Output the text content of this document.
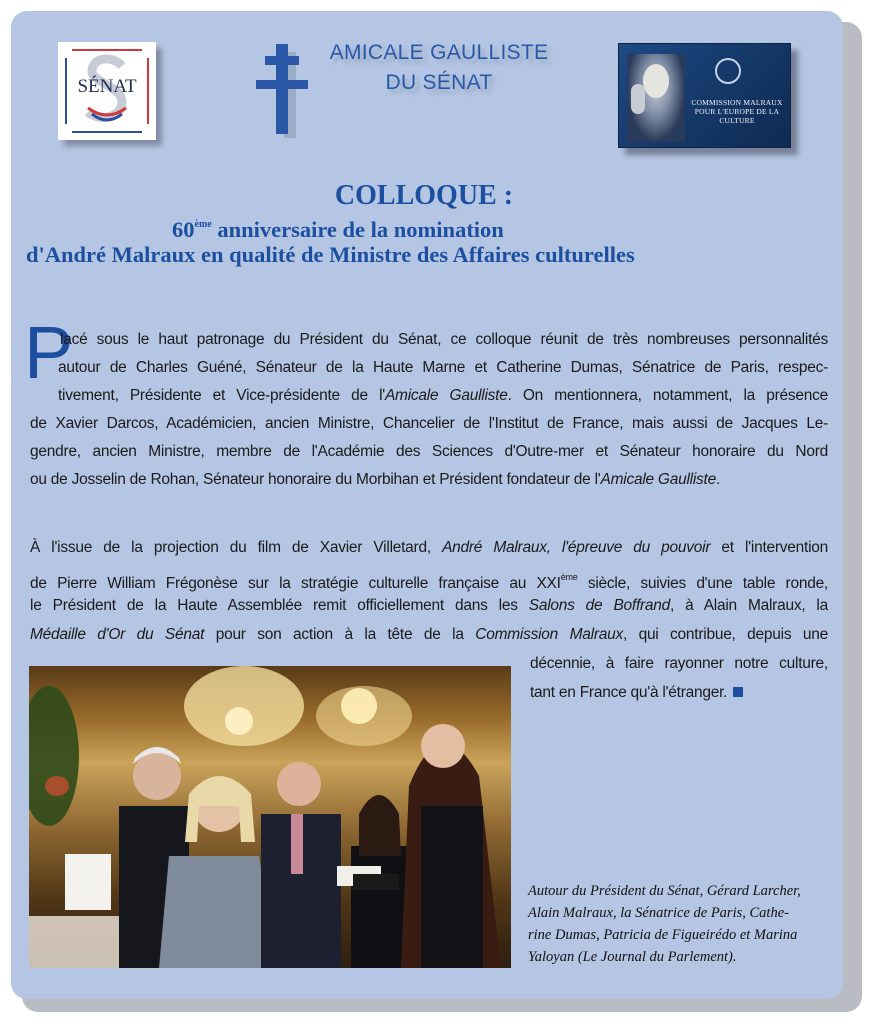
SÉNAT
AMICALE GAULLISTE
DU SÉNAT
COMMISSION MALRAUX
POUR L'EUROPE DE LA CULTURE
COLLOQUE :
60ème anniversaire de la nomination
d'André Malraux en qualité de Ministre des Affaires culturelles
P
lacé sous le haut patronage du Président du Sénat, ce colloque réunit de très nombreuses personnalités
autour de Charles Guéné, Sénateur de la Haute Marne et Catherine Dumas, Sénatrice de Paris, respec-
tivement, Présidente et Vice-présidente de l'Amicale Gaulliste. On mentionnera, notamment, la présence
de Xavier Darcos, Académicien, ancien Ministre, Chancelier de l'Institut de France, mais aussi de Jacques Le-
gendre, ancien Ministre, membre de l'Académie des Sciences d'Outre-mer et Sénateur honoraire du Nord
ou de Josselin de Rohan, Sénateur honoraire du Morbihan et Président fondateur de l'Amicale Gaulliste.
À l'issue de la projection du film de Xavier Villetard, André Malraux, l'épreuve du pouvoir et l'intervention
de Pierre William Frégonèse sur la stratégie culturelle française au XXIème siècle, suivies d'une table ronde,
le Président de la Haute Assemblée remit officiellement dans les Salons de Boffrand, à Alain Malraux, la
Médaille d'Or du Sénat pour son action à la tête de la Commission Malraux, qui contribue, depuis une
décennie, à faire rayonner notre culture,
tant en France qu'à l'étranger.
Autour du Président du Sénat, Gérard Larcher,
Alain Malraux, la Sénatrice de Paris, Cathe-
rine Dumas, Patricia de Figueirédo et Marina
Yaloyan (Le Journal du Parlement).
